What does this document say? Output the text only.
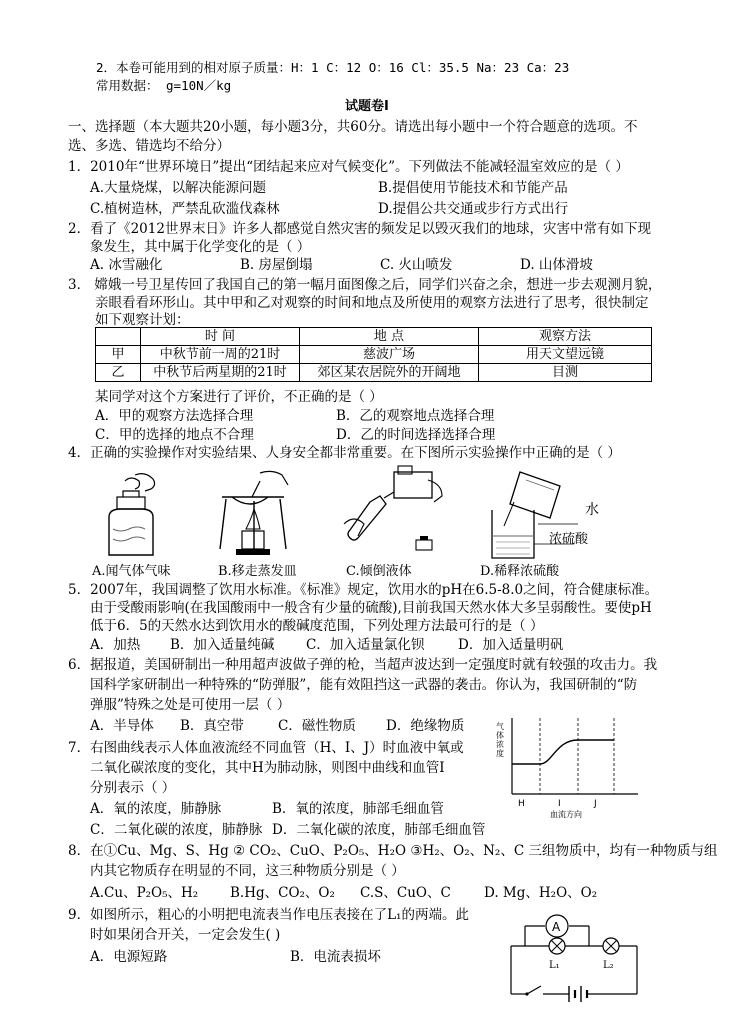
2．本卷可能用到的相对原子质量：H：1 C：12 O：16 Cl：35.5 Na：23 Ca：23
常用数据： g=10N／kg
试题卷Ⅰ
一、选择题（本大题共20小题，每小题3分，共60分。请选出每小题中一个符合题意的选项。不
选、多选、错选均不给分）
1．2010年“世界环境日”提出“团结起来应对气候变化”。下列做法不能减轻温室效应的是（ ）
A.大量烧煤，以解决能源问题	B.提倡使用节能技术和节能产品
C.植树造林，严禁乱砍滥伐森林	D.提倡公共交通或步行方式出行
2．看了《2012世界末日》许多人都感觉自然灾害的频发足以毁灭我们的地球，灾害中常有如下现
象发生，其中属于化学变化的是（ ）
A. 冰雪融化	B. 房屋倒塌	C. 火山喷发	D. 山体滑坡
3． 嫦娥一号卫星传回了我国自己的第一幅月面图像之后，同学们兴奋之余，想进一步去观测月貌，
亲眼看看环形山。其中甲和乙对观察的时间和地点及所使用的观察方法进行了思考，很快制定
如下观察计划：
	时 间	地 点	观察方法
甲	中秋节前一周的21时	慈波广场	用天文望远镜
乙	中秋节后两星期的21时	郊区某农居院外的开阔地	目测
某同学对这个方案进行了评价，不正确的是（ ）
A．甲的观察方法选择合理	B．乙的观察地点选择合理
C．甲的选择的地点不合理	D．乙的时间选择选择合理
4．正确的实验操作对实验结果、人身安全都非常重要。在下图所示实验操作中正确的是（ ）
水
浓硫酸
A.闻气体气味	B.移走蒸发皿	C.倾倒液体	D.稀释浓硫酸
5．2007年，我国调整了饮用水标准。《标准》规定，饮用水的pH在6.5-8.0之间，符合健康标准。
由于受酸雨影响(在我国酸雨中一般含有少量的硫酸),目前我国天然水体大多呈弱酸性。要使pH
低于6．5的天然水达到饮用水的酸碱度范围，下列处理方法最可行的是（ ）
A．加热 B．加入适量纯碱 C．加入适量氯化钡 D．加入适量明矾
6．据报道，美国研制出一种用超声波做子弹的枪，当超声波达到一定强度时就有较强的攻击力。我
国科学家研制出一种特殊的“防弹服”，能有效阻挡这一武器的袭击。你认为，我国研制的“防
弹服”特殊之处是可使用一层（ ）
A．半导体 B．真空带	C．磁性物质 D．绝缘物质
H	I	J
血流方向
气体浓度
7．右图曲线表示人体血液流经不同血管（H、I、J）时血液中氧或
二氧化碳浓度的变化，其中H为肺动脉，则图中曲线和血管I
分别表示（ ）
A．氧的浓度，肺静脉	B．氧的浓度，肺部毛细血管
C．二氧化碳的浓度，肺静脉 D．二氧化碳的浓度，肺部毛细血管
8．在①Cu、Mg、S、Hg ② CO₂、CuO、P₂O₅、H₂O ③H₂、O₂、N₂、C 三组物质中，均有一种物质与组
内其它物质存在明显的不同，这三种物质分别是（ ）
A.Cu、P₂O₅、H₂ B.Hg、CO₂、O₂ C.S、CuO、C D. Mg、H₂O、O₂
9．如图所示，粗心的小明把电流表当作电压表接在了L₁的两端。此
时如果闭合开关，一定会发生( )
A．电源短路	B．电流表损坏
A
L₁	L₂
